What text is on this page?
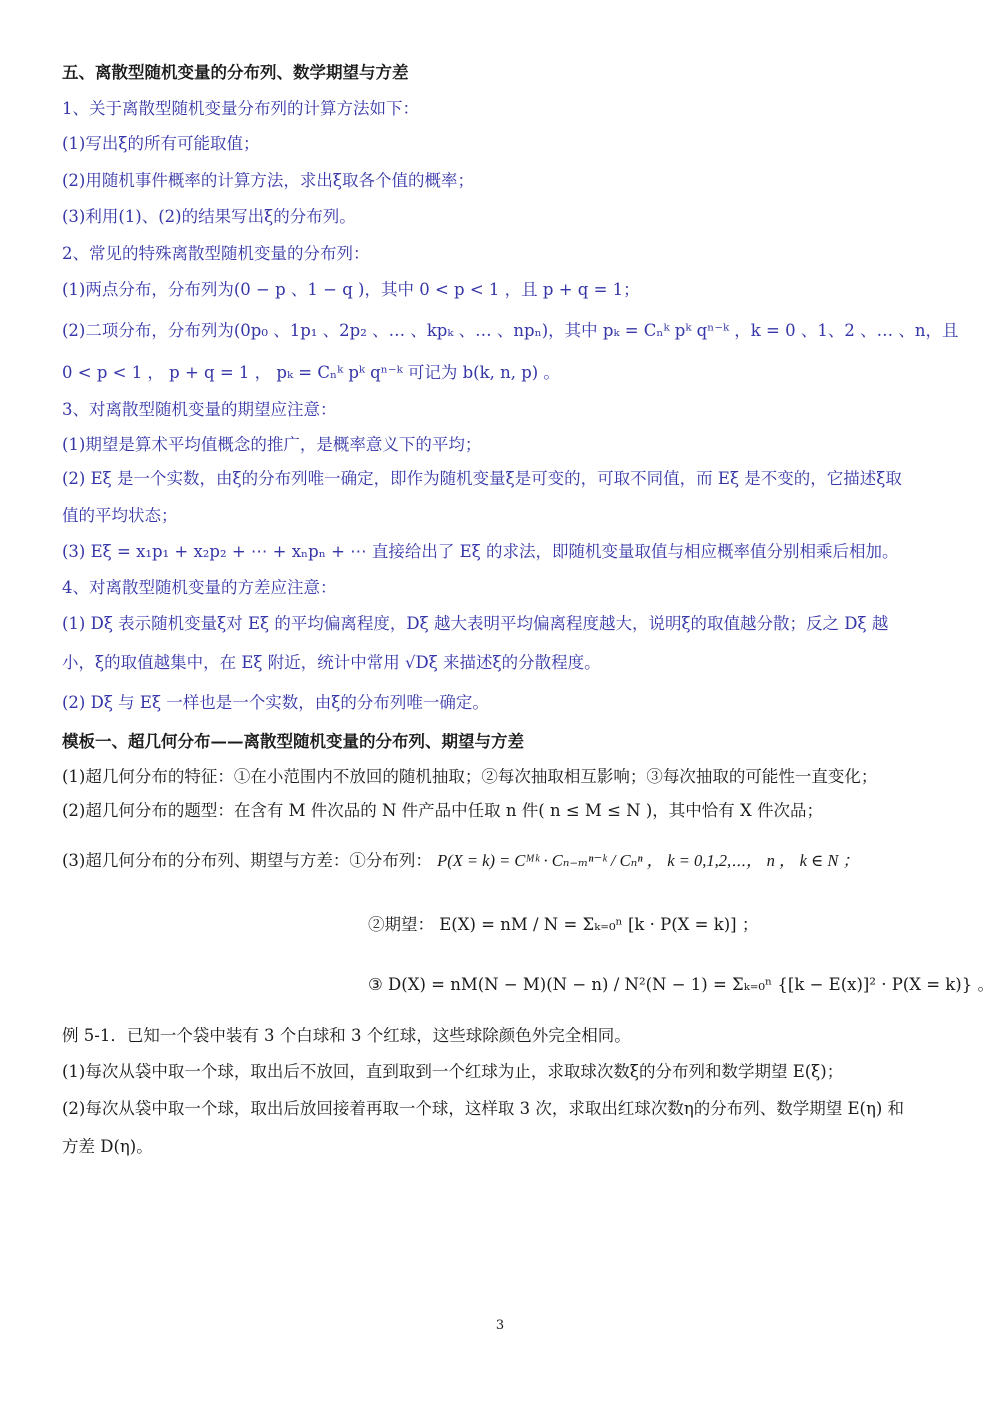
五、离散型随机变量的分布列、数学期望与方差
1、关于离散型随机变量分布列的计算方法如下：
(1)写出ξ的所有可能取值；
(2)用随机事件概率的计算方法，求出ξ取各个值的概率；
(3)利用(1)、(2)的结果写出ξ的分布列。
2、常见的特殊离散型随机变量的分布列：
(1)两点分布，分布列为(0 − p 、1 − q )，其中 0 < p < 1 ，且 p + q = 1；
(2)二项分布，分布列为(0p₀ 、1p₁ 、2p₂ 、… 、kpₖ 、… 、npₙ)，其中 pₖ = Cₙᵏ pᵏ qⁿ⁻ᵏ ，k = 0 、1、2 、… 、n，且
0 < p < 1 ， p + q = 1 ， pₖ = Cₙᵏ pᵏ qⁿ⁻ᵏ 可记为 b(k, n, p) 。
3、对离散型随机变量的期望应注意：
(1)期望是算术平均值概念的推广，是概率意义下的平均；
(2) Eξ 是一个实数，由ξ的分布列唯一确定，即作为随机变量ξ是可变的，可取不同值，而 Eξ 是不变的，它描述ξ取
值的平均状态；
(3) Eξ = x₁p₁ + x₂p₂ + ⋯ + xₙpₙ + ⋯ 直接给出了 Eξ 的求法，即随机变量取值与相应概率值分别相乘后相加。
4、对离散型随机变量的方差应注意：
(1) Dξ 表示随机变量ξ对 Eξ 的平均偏离程度，Dξ 越大表明平均偏离程度越大，说明ξ的取值越分散；反之 Dξ 越
小，ξ的取值越集中，在 Eξ 附近，统计中常用 √Dξ 来描述ξ的分散程度。
(2) Dξ 与 Eξ 一样也是一个实数，由ξ的分布列唯一确定。
模板一、超几何分布——离散型随机变量的分布列、期望与方差
(1)超几何分布的特征：①在小范围内不放回的随机抽取；②每次抽取相互影响；③每次抽取的可能性一直变化；
(2)超几何分布的题型：在含有 M 件次品的 N 件产品中任取 n 件( n ≤ M ≤ N )，其中恰有 X 件次品；
(3)超几何分布的分布列、期望与方差：①分布列： P(X = k) = Cᴹᵏ · Cₙ₋ₘⁿ⁻ᵏ / Cₙⁿ ， k = 0,1,2,⋯， n ， k ∈ N ；
②期望： E(X) = nM / N = Σₖ₌₀ⁿ [k · P(X = k)] ；
③ D(X) = nM(N − M)(N − n) / N²(N − 1) = Σₖ₌₀ⁿ {[k − E(x)]² · P(X = k)} 。
例 5-1．已知一个袋中装有 3 个白球和 3 个红球，这些球除颜色外完全相同。
(1)每次从袋中取一个球，取出后不放回，直到取到一个红球为止，求取球次数ξ的分布列和数学期望 E(ξ)；
(2)每次从袋中取一个球，取出后放回接着再取一个球，这样取 3 次，求取出红球次数η的分布列、数学期望 E(η) 和
方差 D(η)。
3
